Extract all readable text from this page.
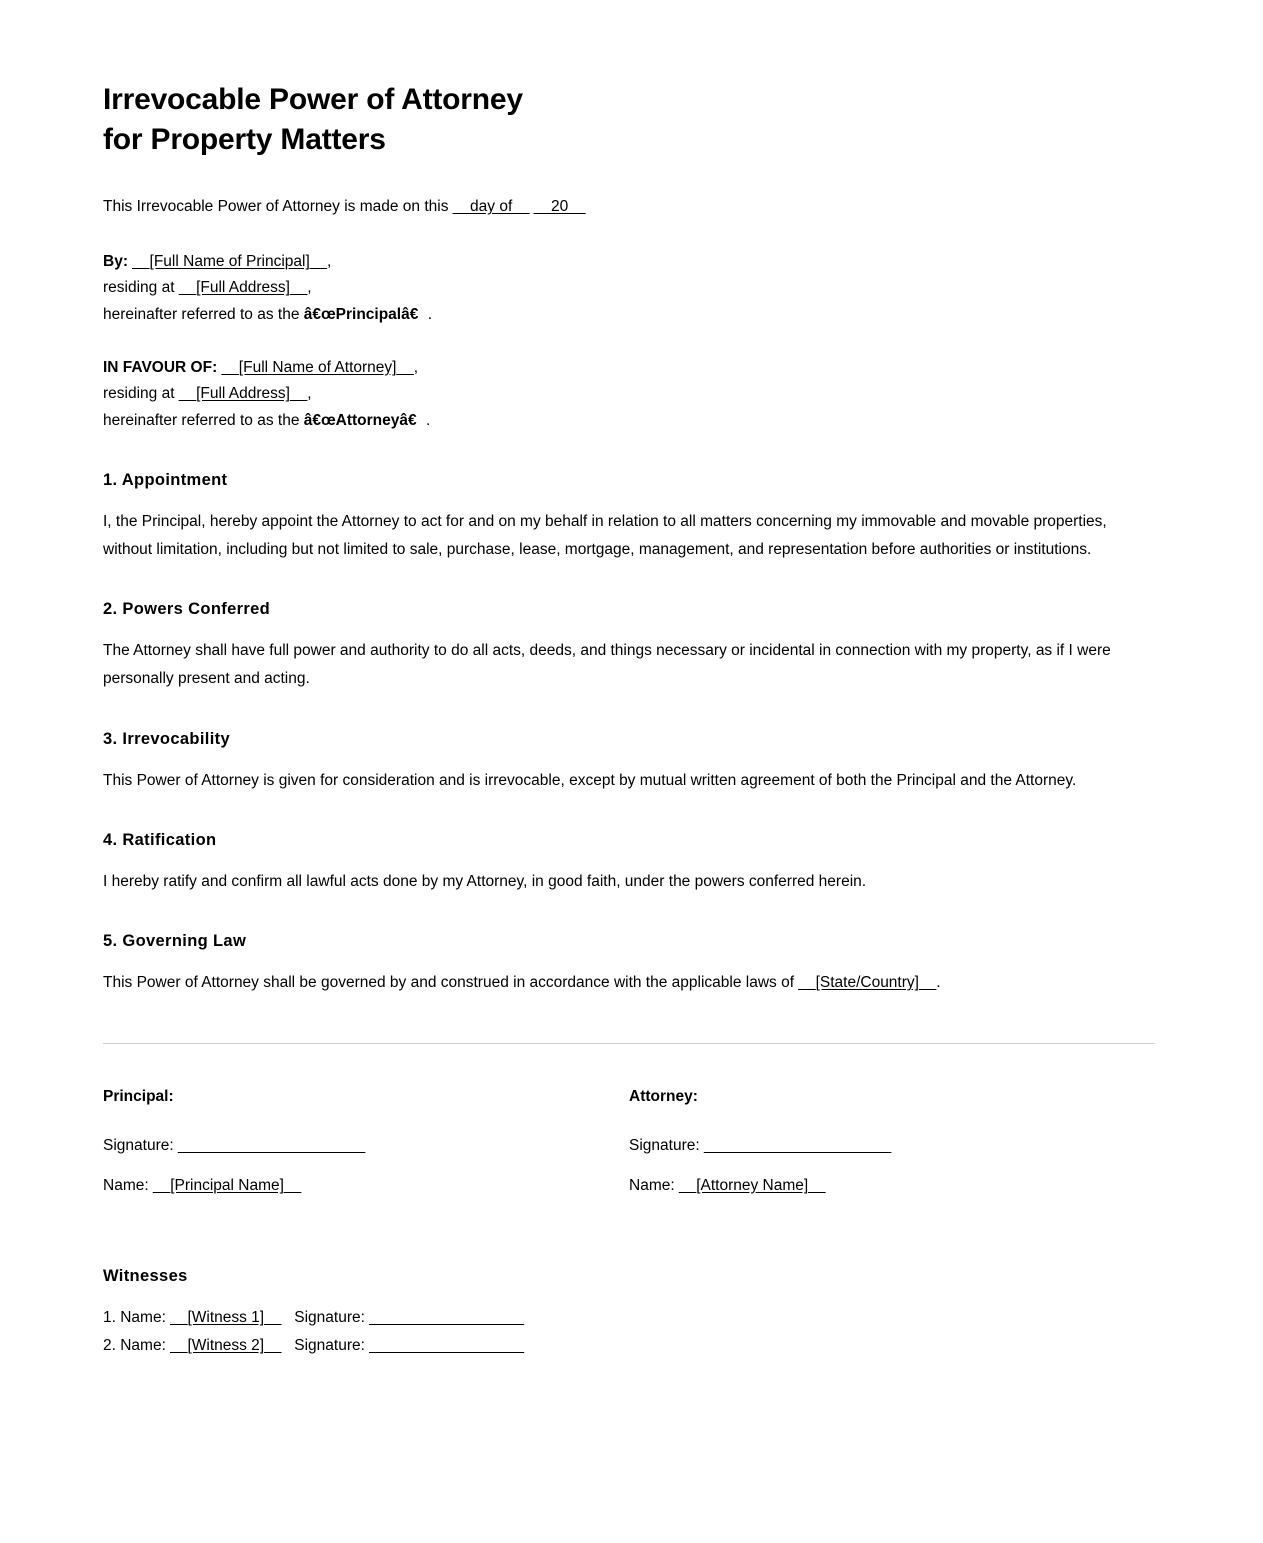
Irrevocable Power of Attorney
for Property Matters

This Irrevocable Power of Attorney is made on this __day of__ __20__

By: __[Full Name of Principal]__,

residing at __[Full Address]__,

hereinafter referred to as the â€œPrincipalâ€.

IN FAVOUR OF: __[Full Name of Attorney]__,

residing at __[Full Address]__,

hereinafter referred to as the â€œAttorneyâ€.

1. Appointment

I, the Principal, hereby appoint the Attorney to act for and on my behalf in relation to all matters concerning my immovable and movable properties, without limitation, including but not limited to sale, purchase, lease, mortgage, management, and representation before authorities or institutions.

2. Powers Conferred

The Attorney shall have full power and authority to do all acts, deeds, and things necessary or incidental in connection with my property, as if I were personally present and acting.

3. Irrevocability

This Power of Attorney is given for consideration and is irrevocable, except by mutual written agreement of both the Principal and the Attorney.

4. Ratification

I hereby ratify and confirm all lawful acts done by my Attorney, in good faith, under the powers conferred herein.

5. Governing Law

This Power of Attorney shall be governed by and construed in accordance with the applicable laws of __[State/Country]__.

Principal:

Signature: _______________________

Name: __[Principal Name]__

Attorney:

Signature: _______________________

Name: __[Attorney Name]__

Witnesses

1. Name: __[Witness 1]__   Signature: ___________________

2. Name: __[Witness 2]__   Signature: ___________________
